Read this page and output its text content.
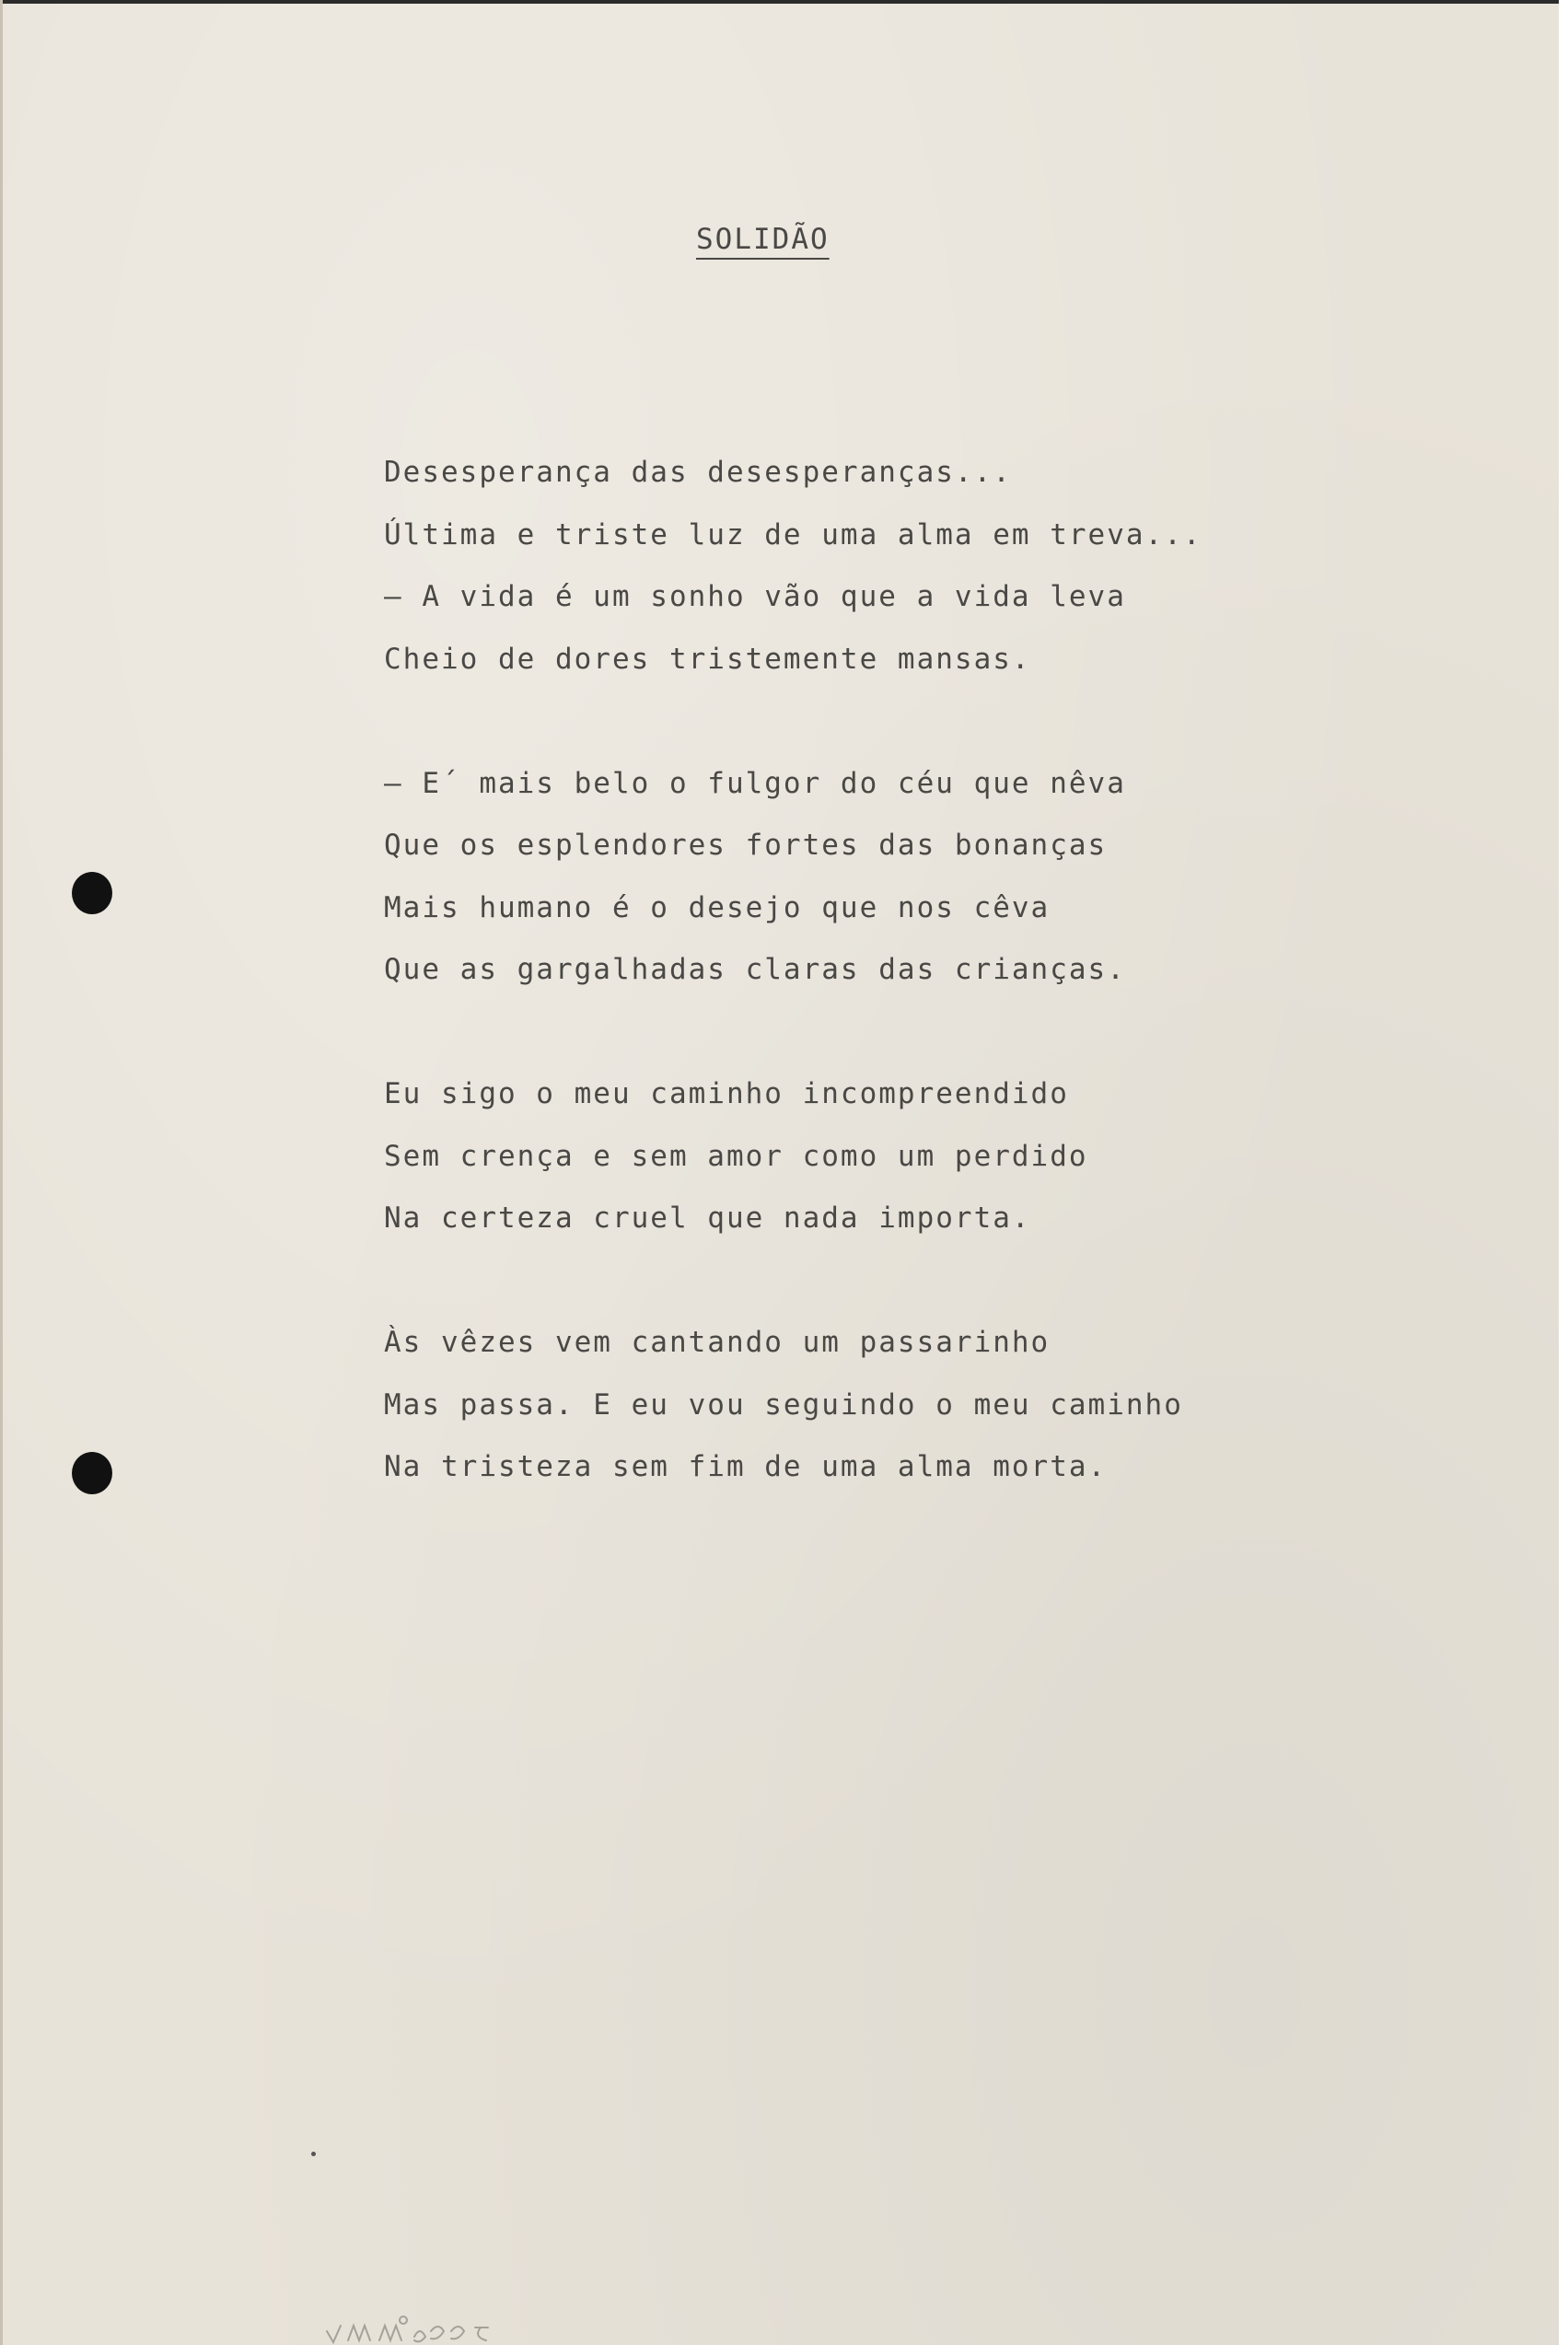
SOLIDÃO
Desesperança das desesperanças...
Última e triste luz de uma alma em treva...
— A vida é um sonho vão que a vida leva
Cheio de dores tristemente mansas.
— E´ mais belo o fulgor do céu que nêva
Que os esplendores fortes das bonanças
Mais humano é o desejo que nos cêva
Que as gargalhadas claras das crianças.
Eu sigo o meu caminho incompreendido
Sem crença e sem amor como um perdido
Na certeza cruel que nada importa.
Às vêzes vem cantando um passarinho
Mas passa. E eu vou seguindo o meu caminho
Na tristeza sem fim de uma alma morta.
